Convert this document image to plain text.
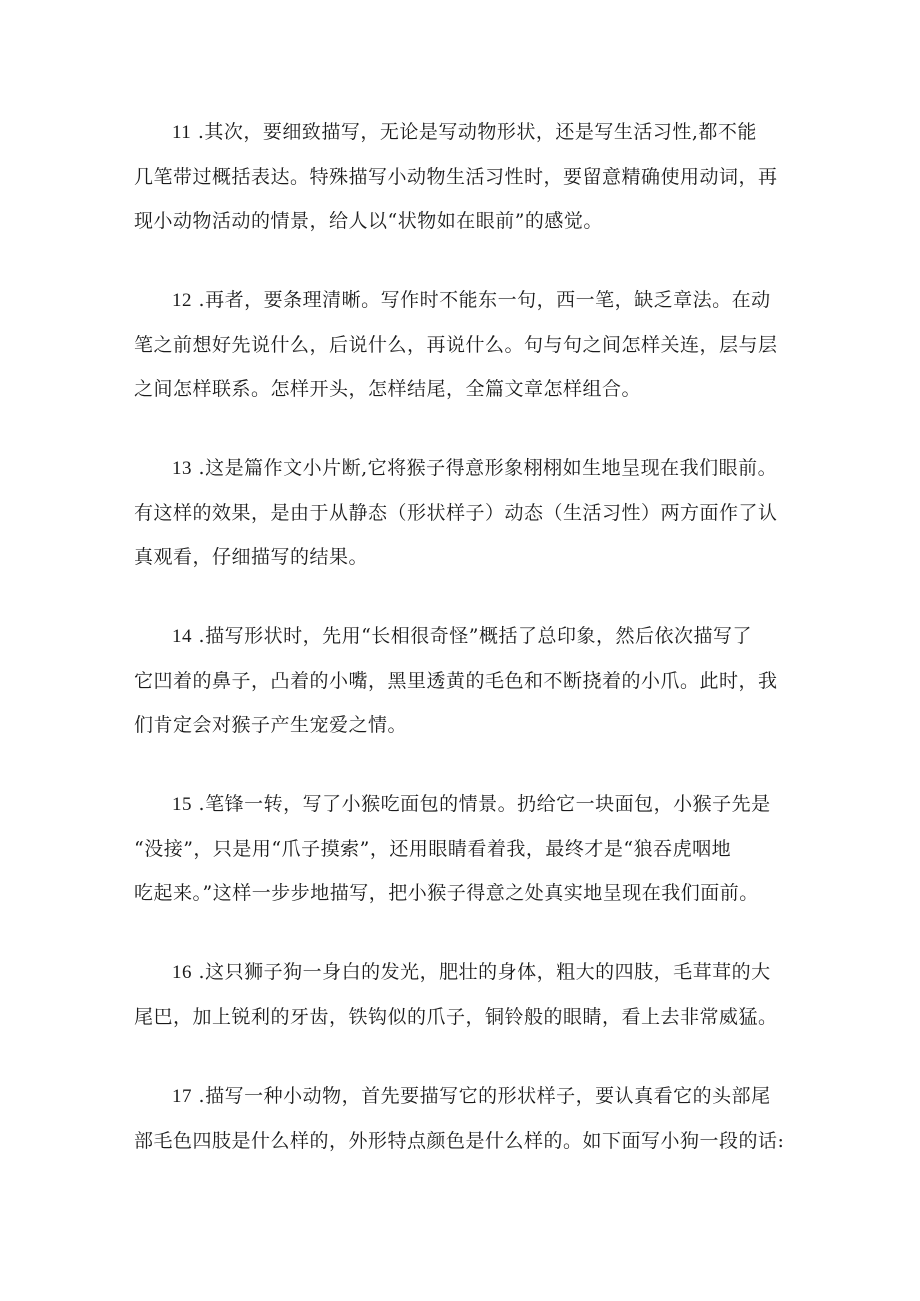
11 .其次，要细致描写，无论是写动物形状，还是写生活习性,都不能
几笔带过概括表达。特殊描写小动物生活习性时，要留意精确使用动词，再
现小动物活动的情景，给人以“状物如在眼前”的感觉。

12 .再者，要条理清晰。写作时不能东一句，西一笔，缺乏章法。在动
笔之前想好先说什么，后说什么，再说什么。句与句之间怎样关连，层与层
之间怎样联系。怎样开头，怎样结尾，全篇文章怎样组合。

13 .这是篇作文小片断,它将猴子得意形象栩栩如生地呈现在我们眼前。
有这样的效果，是由于从静态（形状样子）动态（生活习性）两方面作了认
真观看，仔细描写的结果。

14 .描写形状时，先用“长相很奇怪”概括了总印象，然后依次描写了
它凹着的鼻子，凸着的小嘴，黑里透黄的毛色和不断挠着的小爪。此时，我
们肯定会对猴子产生宠爱之情。

15 .笔锋一转，写了小猴吃面包的情景。扔给它一块面包，小猴子先是
“没接”，只是用“爪子摸索”，还用眼睛看着我，最终才是“狼吞虎咽地
吃起来。”这样一步步地描写，把小猴子得意之处真实地呈现在我们面前。

16 .这只狮子狗一身白的发光，肥壮的身体，粗大的四肢，毛茸茸的大
尾巴，加上锐利的牙齿，铁钩似的爪子，铜铃般的眼睛，看上去非常威猛。

17 .描写一种小动物，首先要描写它的形状样子，要认真看它的头部尾
部毛色四肢是什么样的，外形特点颜色是什么样的。如下面写小狗一段的话:
